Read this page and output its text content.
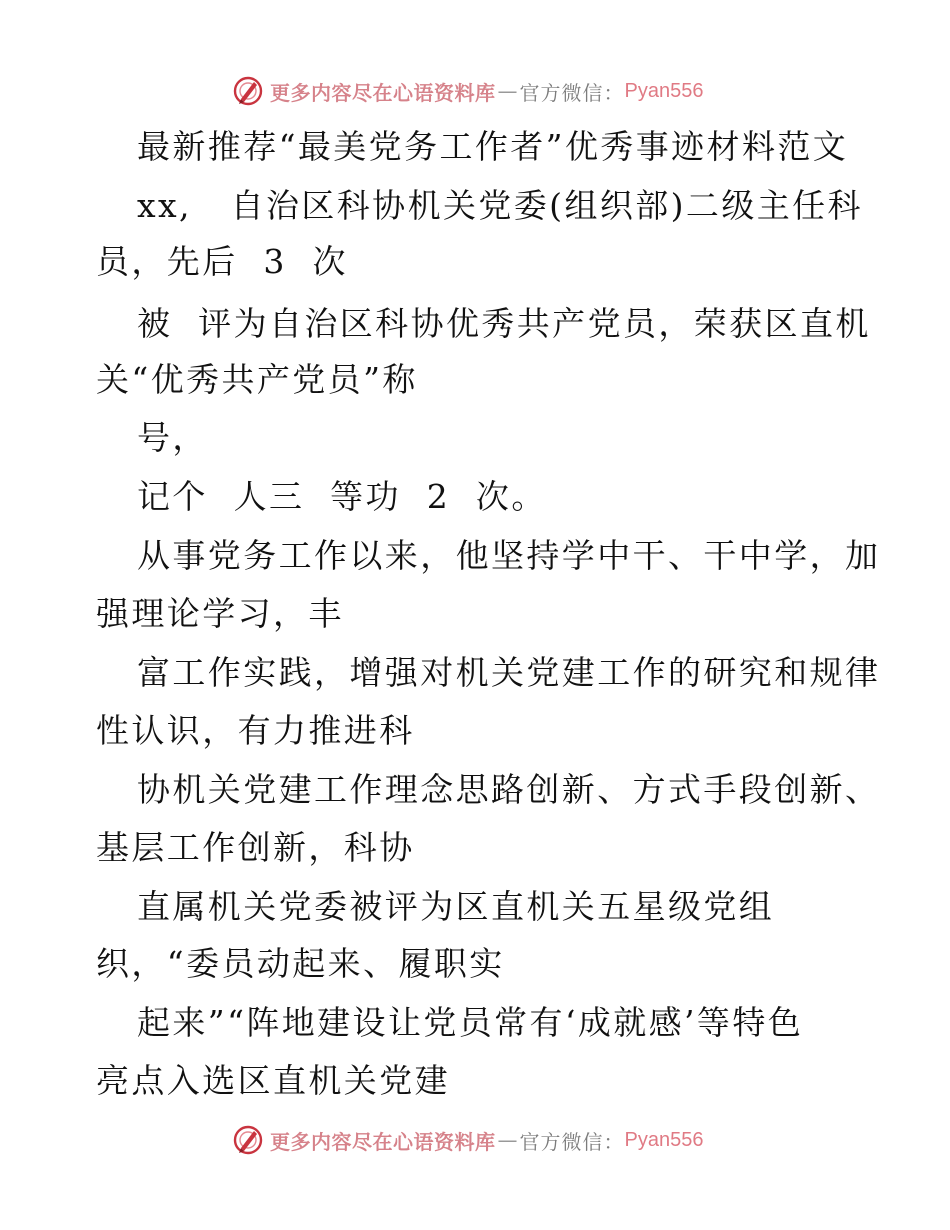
更多内容尽在心语资料库 — 官方微信： Pyan556
最新推荐“最美党务工作者”优秀事迹材料范文
xx,   自治区科协机关党委(组织部)二级主任科
员，先后  3  次
被  评为自治区科协优秀共产党员，荣获区直机
关“优秀共产党员”称
号，
记个  人三  等功  2  次。
从事党务工作以来，他坚持学中干、干中学，加
强理论学习，丰
富工作实践，增强对机关党建工作的研究和规律
性认识，有力推进科
协机关党建工作理念思路创新、方式手段创新、
基层工作创新，科协
直属机关党委被评为区直机关五星级党组
织，“委员动起来、履职实
起来”“阵地建设让党员常有‘成就感’等特色
亮点入选区直机关党建
更多内容尽在心语资料库 — 官方微信： Pyan556
